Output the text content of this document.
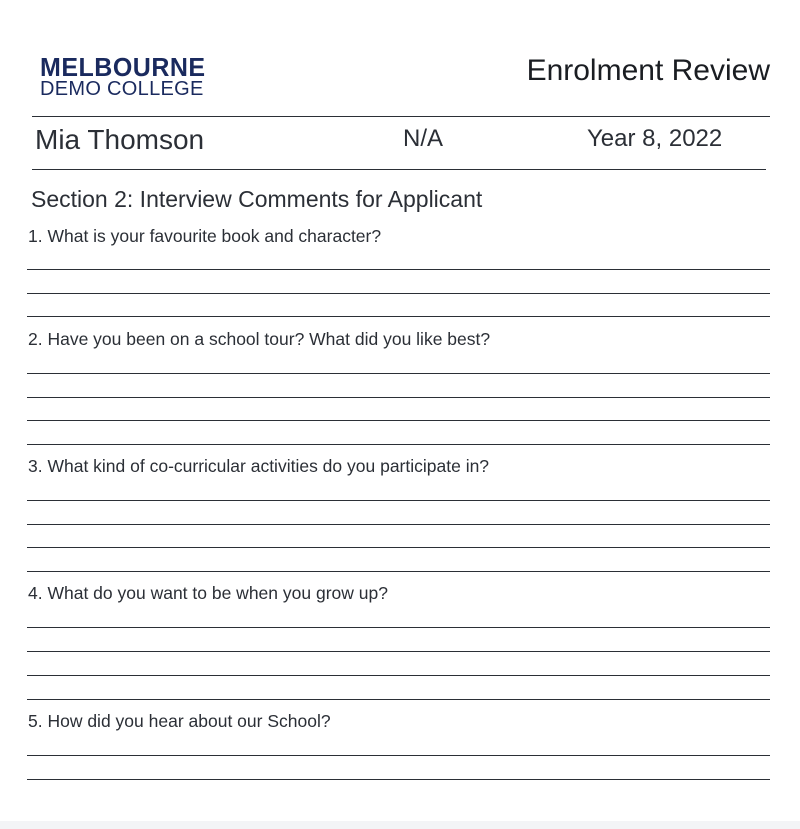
MELBOURNE
DEMO COLLEGE
Enrolment Review
Mia Thomson	N/A	Year 8, 2022
Section 2: Interview Comments for Applicant
1. What is your favourite book and character?
2. Have you been on a school tour? What did you like best?
3. What kind of co-curricular activities do you participate in?
4. What do you want to be when you grow up?
5. How did you hear about our School?
